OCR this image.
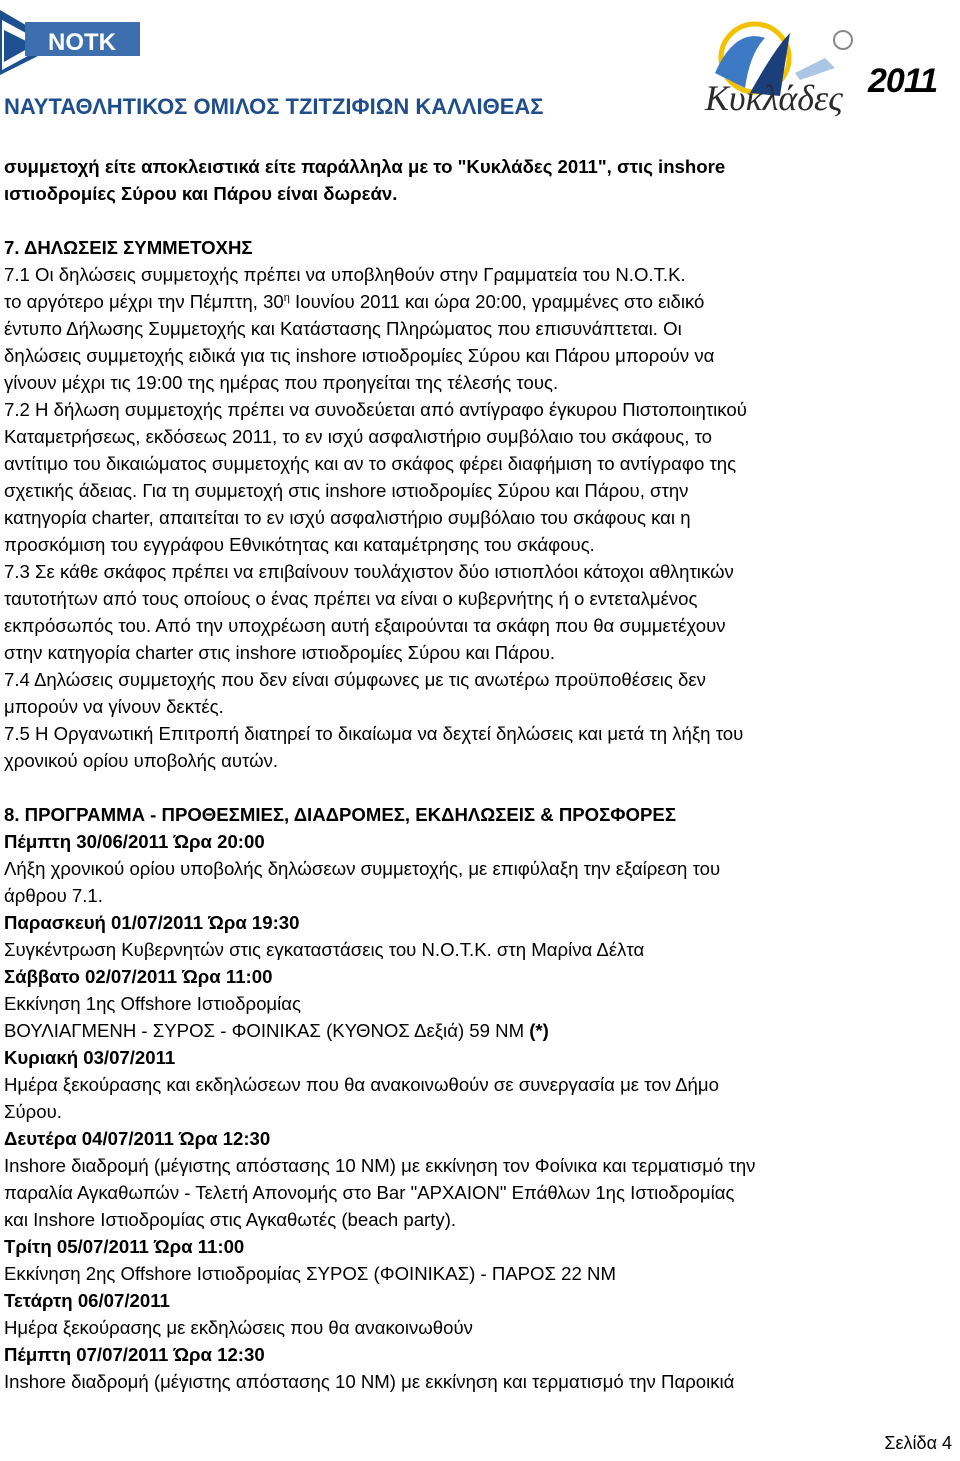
NOTK
Κυκλάδες 2011
ΝΑΥΤΑΘΛΗΤΙΚΟΣ ΟΜΙΛΟΣ ΤΖΙΤΖΙΦΙΩΝ ΚΑΛΛΙΘΕΑΣ

συμμετοχή είτε αποκλειστικά είτε παράλληλα με το "Κυκλάδες 2011", στις inshore

ιστιοδρομίες Σύρου και Πάρου είναι δωρεάν.

7. ΔΗΛΩΣΕΙΣ ΣΥΜΜΕΤΟΧΗΣ

7.1 Οι δηλώσεις συμμετοχής πρέπει να υποβληθούν στην Γραμματεία του Ν.Ο.Τ.Κ.

το αργότερο μέχρι την Πέμπτη, $30^\eta$ Ιουνίου 2011 και ώρα 20:00, γραμμένες στο ειδικό

έντυπο Δήλωσης Συμμετοχής και Κατάστασης Πληρώματος που επισυνάπτεται. Οι

δηλώσεις συμμετοχής ειδικά για τις inshore ιστιοδρομίες Σύρου και Πάρου μπορούν να

γίνουν μέχρι τις 19:00 της ημέρας που προηγείται της τέλεσής τους.

7.2 Η δήλωση συμμετοχής πρέπει να συνοδεύεται από αντίγραφο έγκυρου Πιστοποιητικού

Καταμετρήσεως, εκδόσεως 2011, το εν ισχύ ασφαλιστήριο συμβόλαιο του σκάφους, το

αντίτιμο του δικαιώματος συμμετοχής και αν το σκάφος φέρει διαφήμιση το αντίγραφο της

σχετικής άδειας. Για τη συμμετοχή στις inshore ιστιοδρομίες Σύρου και Πάρου, στην

κατηγορία charter, απαιτείται το εν ισχύ ασφαλιστήριο συμβόλαιο του σκάφους και η

προσκόμιση του εγγράφου Εθνικότητας και καταμέτρησης του σκάφους.

7.3 Σε κάθε σκάφος πρέπει να επιβαίνουν τουλάχιστον δύο ιστιοπλόοι κάτοχοι αθλητικών

ταυτοτήτων από τους οποίους ο ένας πρέπει να είναι ο κυβερνήτης ή ο εντεταλμένος

εκπρόσωπός του. Από την υποχρέωση αυτή εξαιρούνται τα σκάφη που θα συμμετέχουν

στην κατηγορία charter στις inshore ιστιοδρομίες Σύρου και Πάρου.

7.4 Δηλώσεις συμμετοχής που δεν είναι σύμφωνες με τις ανωτέρω προϋποθέσεις δεν

μπορούν να γίνουν δεκτές.

7.5 Η Οργανωτική Επιτροπή διατηρεί το δικαίωμα να δεχτεί δηλώσεις και μετά τη λήξη του

χρονικού ορίου υποβολής αυτών.

8. ΠΡΟΓΡΑΜΜΑ - ΠΡΟΘΕΣΜΙΕΣ, ΔΙΑΔΡΟΜΕΣ, ΕΚΔΗΛΩΣΕΙΣ & ΠΡΟΣΦΟΡΕΣ

Πέμπτη 30/06/2011 Ώρα 20:00

Λήξη χρονικού ορίου υποβολής δηλώσεων συμμετοχής, με επιφύλαξη την εξαίρεση του

άρθρου 7.1.

Παρασκευή 01/07/2011 Ώρα 19:30

Συγκέντρωση Κυβερνητών στις εγκαταστάσεις του Ν.Ο.Τ.Κ. στη Μαρίνα Δέλτα

Σάββατο 02/07/2011 Ώρα 11:00

Εκκίνηση 1ης Offshore Ιστιοδρομίας

ΒΟΥΛΙΑΓΜΕΝΗ - ΣΥΡΟΣ - ΦΟΙΝΙΚΑΣ (ΚΥΘΝΟΣ Δεξιά) 59 ΝΜ (*)

Κυριακή 03/07/2011

Ημέρα ξεκούρασης και εκδηλώσεων που θα ανακοινωθούν σε συνεργασία με τον Δήμο

Σύρου.

Δευτέρα 04/07/2011 Ώρα 12:30

Inshore διαδρομή (μέγιστης απόστασης 10 ΝΜ) με εκκίνηση τον Φοίνικα και τερματισμό την

παραλία Αγκαθωπών - Τελετή Απονομής στο Bar "ΑΡΧΑΙΟΝ" Επάθλων 1ης Ιστιοδρομίας

και Inshore Ιστιοδρομίας στις Αγκαθωτές (beach party).

Τρίτη 05/07/2011 Ώρα 11:00

Εκκίνηση 2ης Offshore Ιστιοδρομίας ΣΥΡΟΣ (ΦΟΙΝΙΚΑΣ) - ΠΑΡΟΣ 22 ΝΜ

Τετάρτη 06/07/2011

Ημέρα ξεκούρασης με εκδηλώσεις που θα ανακοινωθούν

Πέμπτη 07/07/2011 Ώρα 12:30

Inshore διαδρομή (μέγιστης απόστασης 10 ΝΜ) με εκκίνηση και τερματισμό την Παροικιά

Σελίδα 4
